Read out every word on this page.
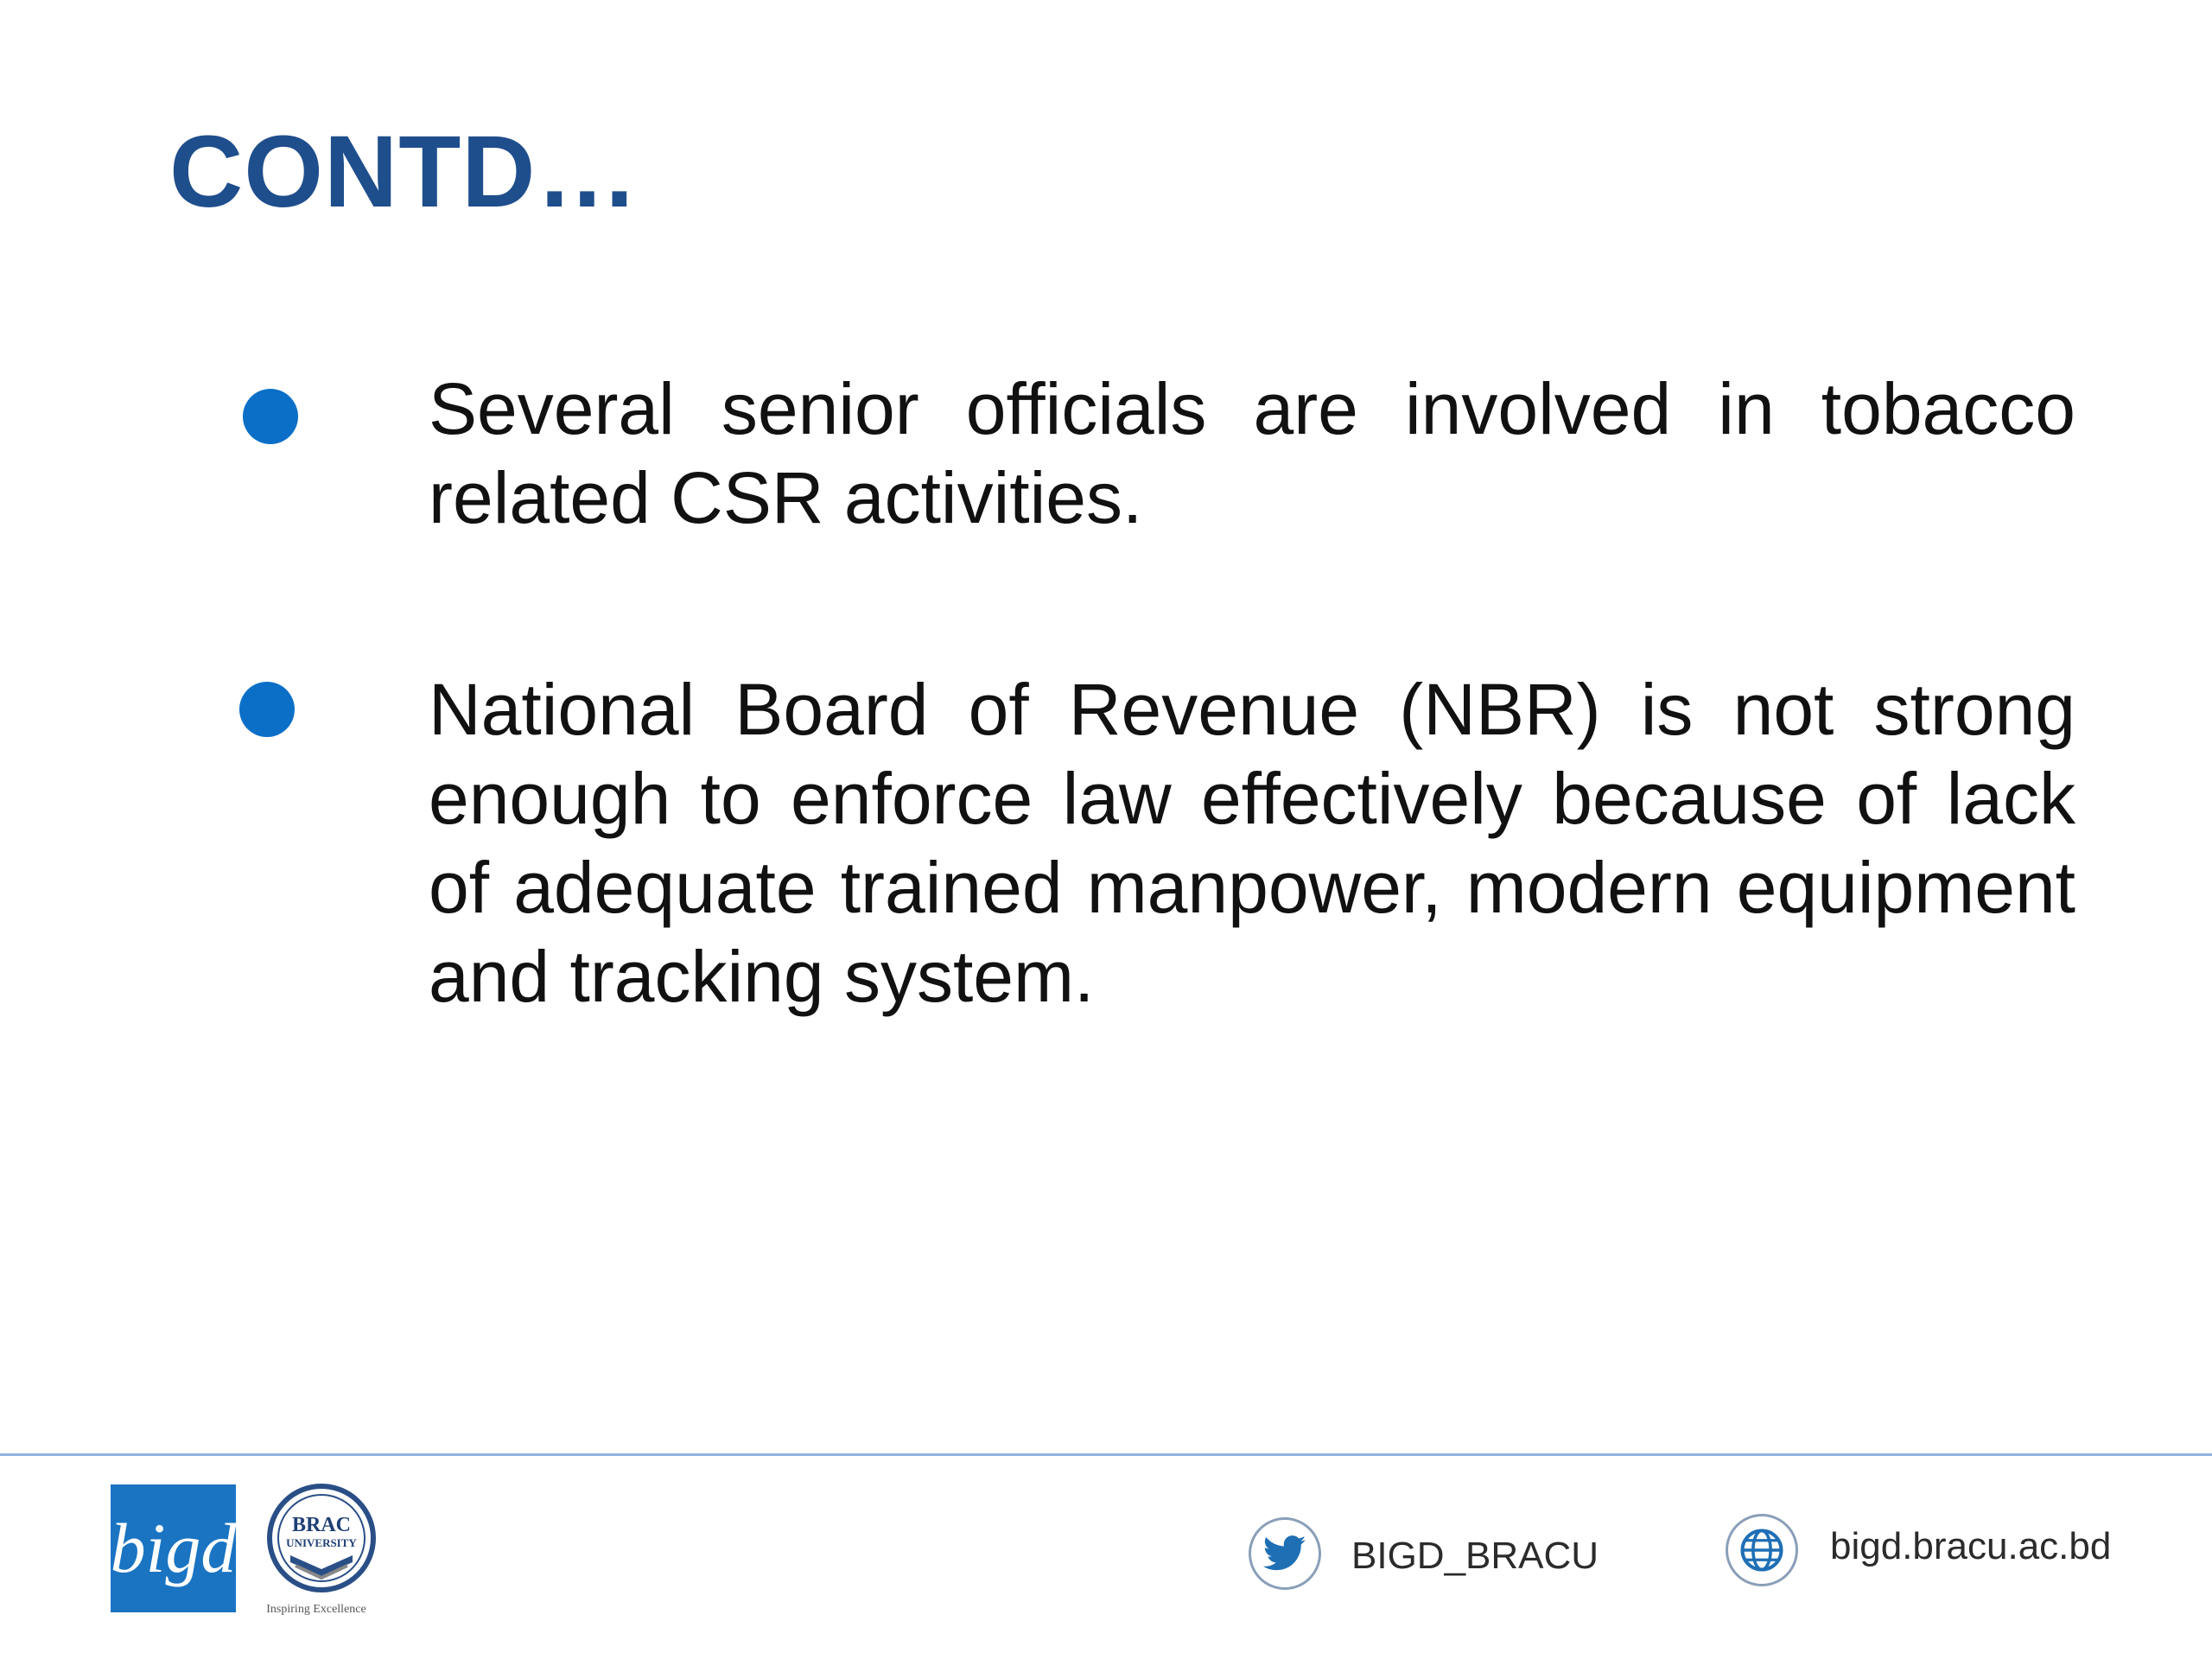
CONTD…

Several senior officials are involved in tobacco related CSR activities.

National Board of Revenue (NBR) is not strong enough to enforce law effectively because of lack of adequate trained manpower, modern equipment and tracking system.

bigd	BRAC
UNIVERSITY
Inspiring Excellence
BIGD_BRACU	bigd.bracu.ac.bd
